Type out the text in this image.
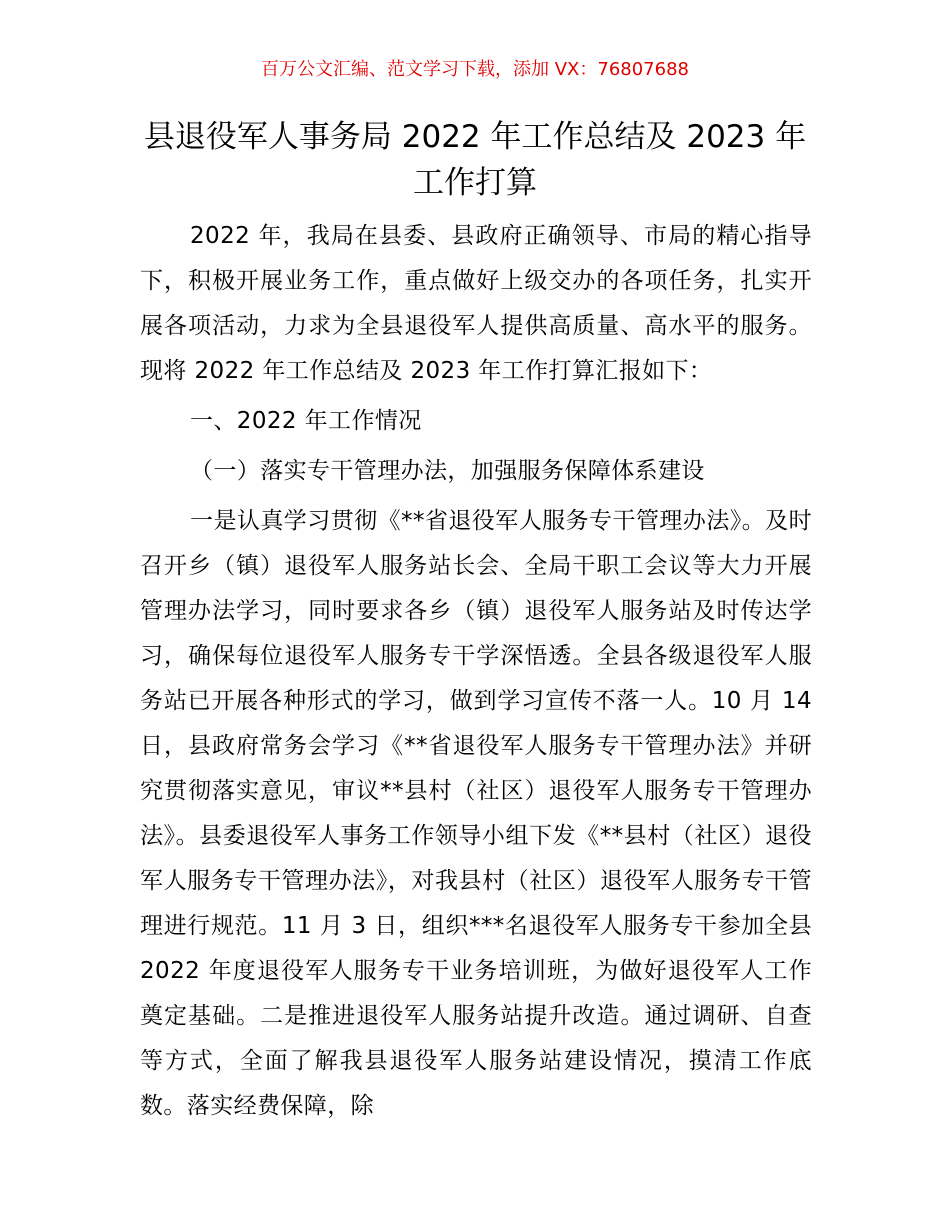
百万公文汇编、范文学习下载，添加 VX：76807688
县退役军人事务局 2022 年工作总结及 2023 年
工作打算

2022 年，我局在县委、县政府正确领导、市局的精心指导下，积极开展业务工作，重点做好上级交办的各项任务，扎实开展各项活动，力求为全县退役军人提供高质量、高水平的服务。现将 2022 年工作总结及 2023 年工作打算汇报如下：

一、2022 年工作情况

（一）落实专干管理办法，加强服务保障体系建设

一是认真学习贯彻《**省退役军人服务专干管理办法》。及时召开乡（镇）退役军人服务站长会、全局干职工会议等大力开展管理办法学习，同时要求各乡（镇）退役军人服务站及时传达学习，确保每位退役军人服务专干学深悟透。全县各级退役军人服务站已开展各种形式的学习，做到学习宣传不落一人。10 月 14 日，县政府常务会学习《**省退役军人服务专干管理办法》并研究贯彻落实意见，审议**县村（社区）退役军人服务专干管理办法》。县委退役军人事务工作领导小组下发《**县村（社区）退役军人服务专干管理办法》，对我县村（社区）退役军人服务专干管理进行规范。11 月 3 日，组织***名退役军人服务专干参加全县 2022 年度退役军人服务专干业务培训班，为做好退役军人工作奠定基础。二是推进退役军人服务站提升改造。通过调研、自查等方式，全面了解我县退役军人服务站建设情况，摸清工作底数。落实经费保障，除
